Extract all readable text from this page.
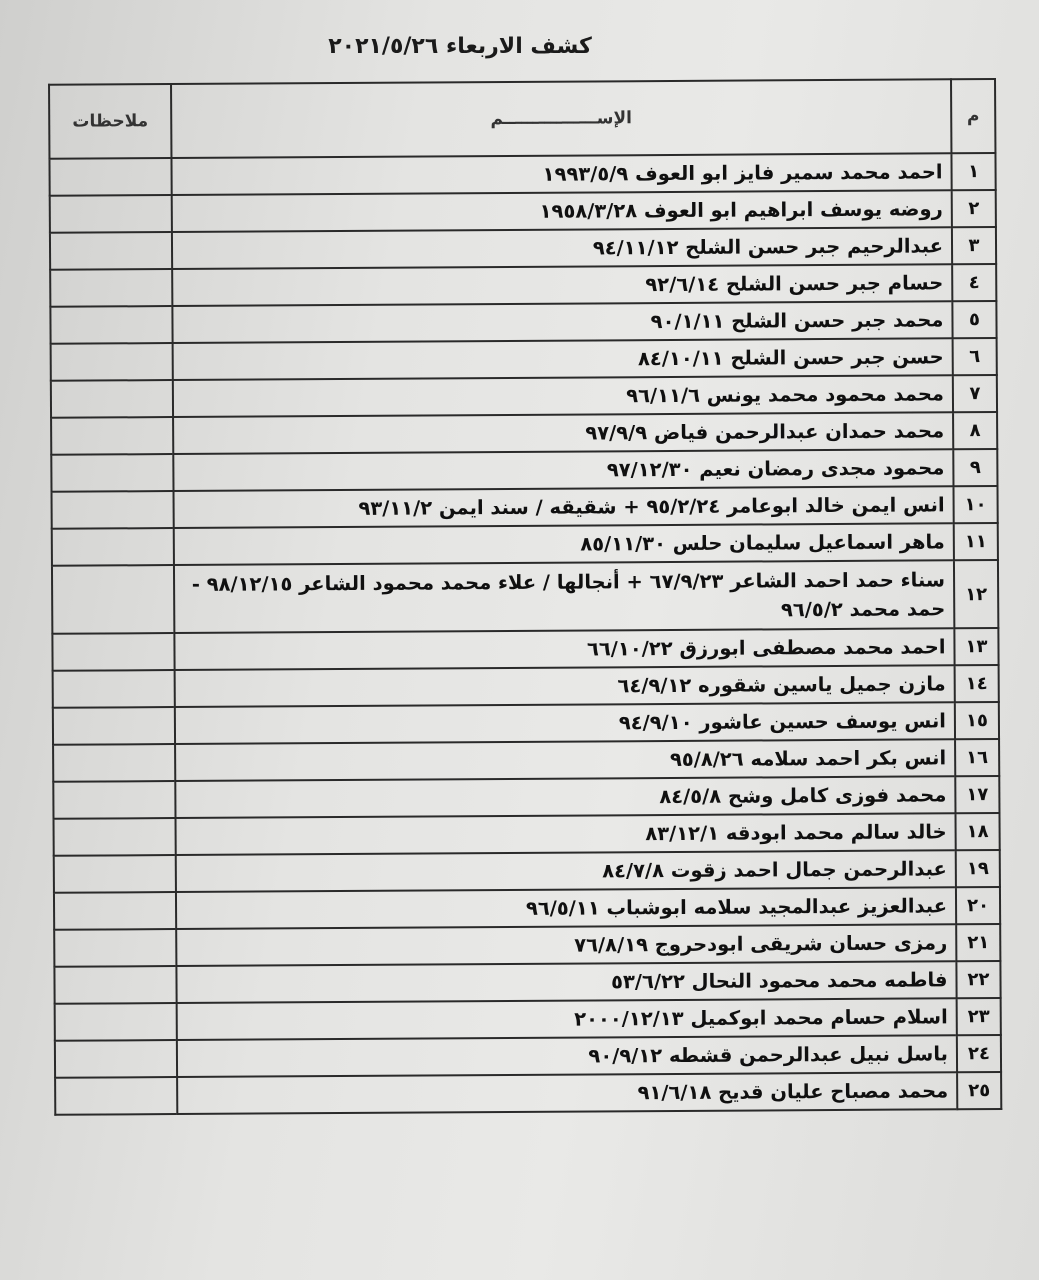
كشف الاربعاء ٢٠٢١/٥/٢٦
م	الإســــــــــــــــم	ملاحظات
١	احمد محمد سمير فايز ابو العوف ١٩٩٣/٥/٩	
٢	روضه يوسف ابراهيم ابو العوف ١٩٥٨/٣/٢٨	
٣	عبدالرحيم جبر حسن الشلح ٩٤/١١/١٢	
٤	حسام جبر حسن الشلح ٩٢/٦/١٤	
٥	محمد جبر حسن الشلح ٩٠/١/١١	
٦	حسن جبر حسن الشلح ٨٤/١٠/١١	
٧	محمد محمود محمد يونس ٩٦/١١/٦	
٨	محمد حمدان عبدالرحمن فياض ٩٧/٩/٩	
٩	محمود مجدى رمضان نعيم ٩٧/١٢/٣٠	
١٠	انس ايمن خالد ابوعامر ٩٥/٢/٢٤ + شقيقه / سند ايمن ٩٣/١١/٢	
١١	ماهر اسماعيل سليمان حلس ٨٥/١١/٣٠	
١٢	سناء حمد احمد الشاعر ٦٧/٩/٢٣ + أنجالها / علاء محمد محمود الشاعر ٩٨/١٢/١٥ - حمد محمد ٩٦/٥/٢	
١٣	احمد محمد مصطفى ابورزق ٦٦/١٠/٢٢	
١٤	مازن جميل ياسين شقوره ٦٤/٩/١٢	
١٥	انس يوسف حسين عاشور ٩٤/٩/١٠	
١٦	انس بكر احمد سلامه ٩٥/٨/٢٦	
١٧	محمد فوزى كامل وشح ٨٤/٥/٨	
١٨	خالد سالم محمد ابودقه ٨٣/١٢/١	
١٩	عبدالرحمن جمال احمد زقوت ٨٤/٧/٨	
٢٠	عبدالعزيز عبدالمجيد سلامه ابوشباب ٩٦/٥/١١	
٢١	رمزى حسان شريقى ابودحروج ٧٦/٨/١٩	
٢٢	فاطمه محمد محمود النحال ٥٣/٦/٢٢	
٢٣	اسلام حسام محمد ابوكميل ٢٠٠٠/١٢/١٣	
٢٤	باسل نبيل عبدالرحمن قشطه ٩٠/٩/١٢	
٢٥	محمد مصباح عليان قديح ٩١/٦/١٨	
